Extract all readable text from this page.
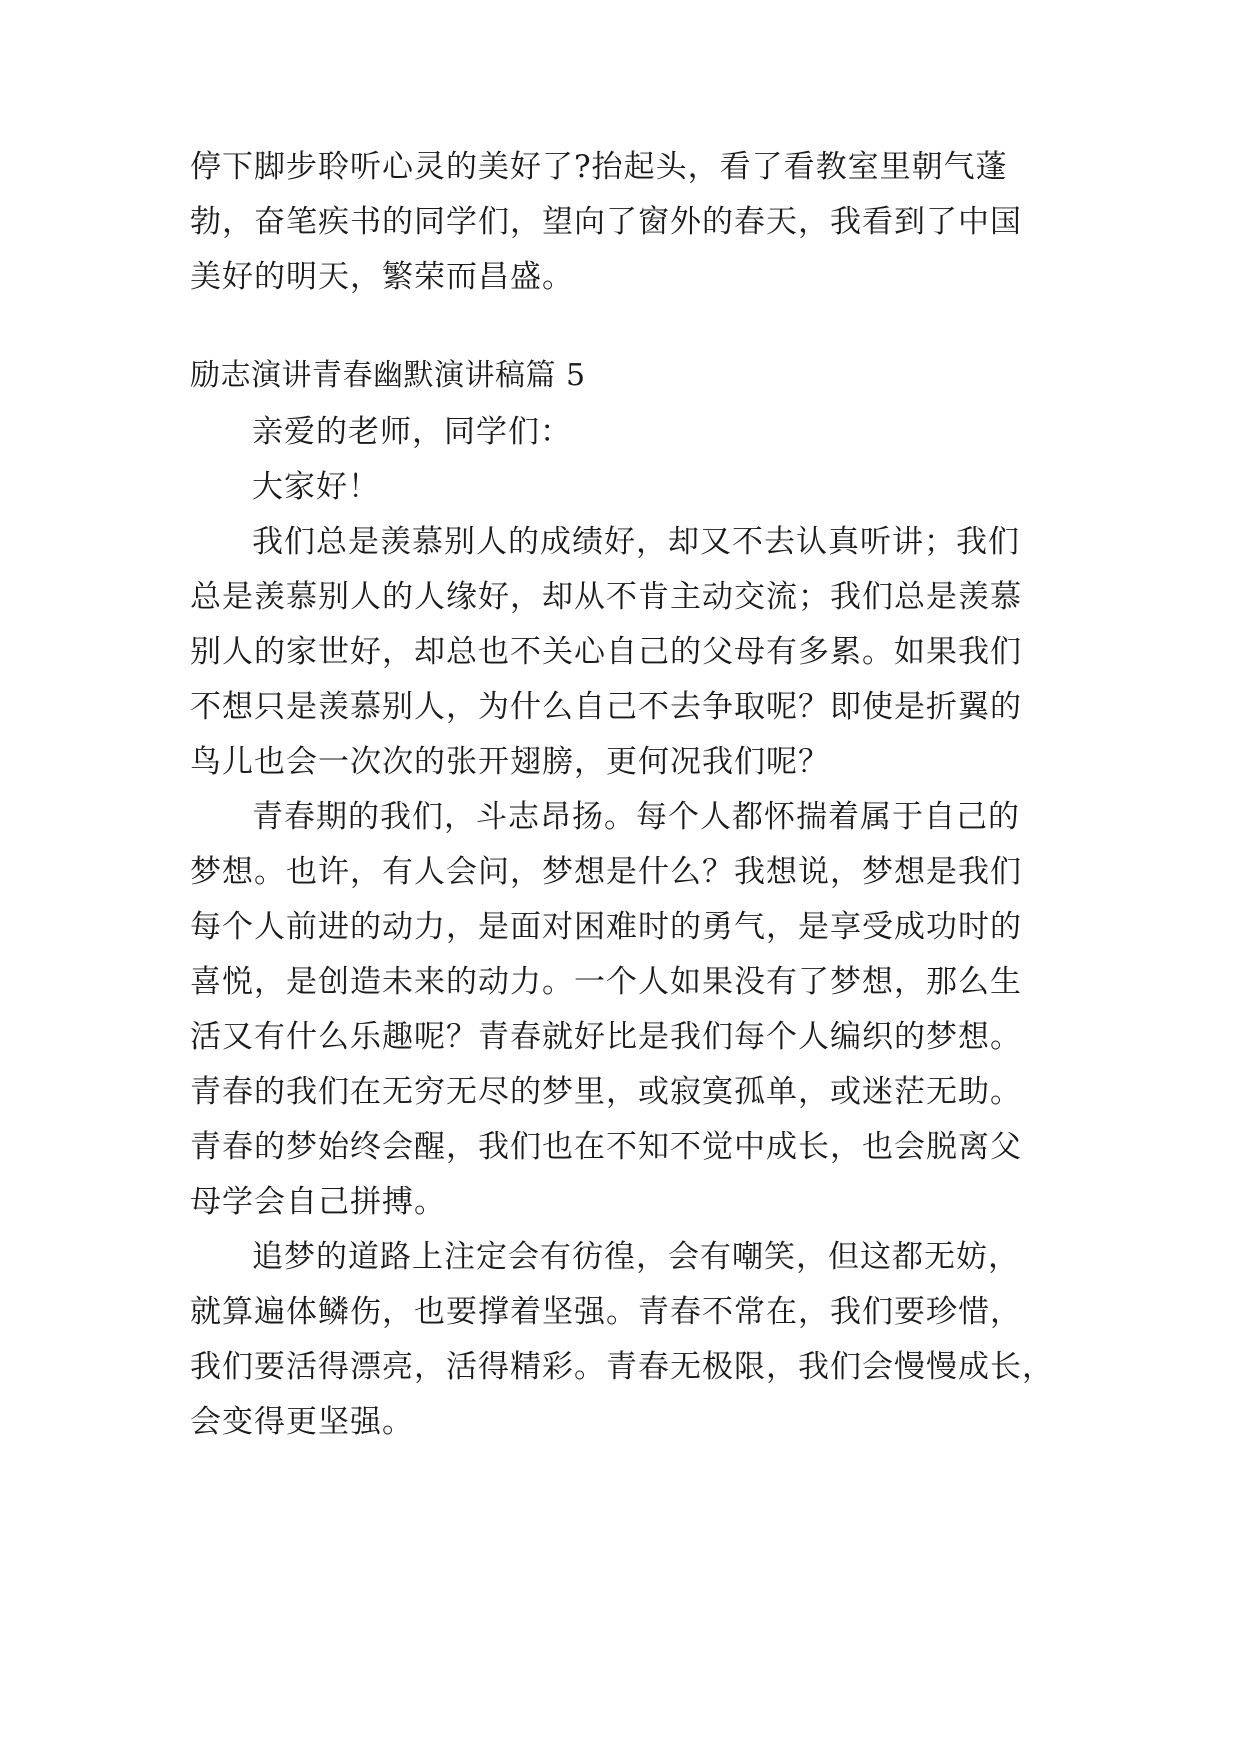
停下脚步聆听心灵的美好了?抬起头，看了看教室里朝气蓬
勃，奋笔疾书的同学们，望向了窗外的春天，我看到了中国
美好的明天，繁荣而昌盛。
励志演讲青春幽默演讲稿篇 5
亲爱的老师，同学们：
大家好！
我们总是羡慕别人的成绩好，却又不去认真听讲；我们
总是羡慕别人的人缘好，却从不肯主动交流；我们总是羡慕
别人的家世好，却总也不关心自己的父母有多累。如果我们
不想只是羡慕别人，为什么自己不去争取呢？即使是折翼的
鸟儿也会一次次的张开翅膀，更何况我们呢？
青春期的我们，斗志昂扬。每个人都怀揣着属于自己的
梦想。也许，有人会问，梦想是什么？我想说，梦想是我们
每个人前进的动力，是面对困难时的勇气，是享受成功时的
喜悦，是创造未来的动力。一个人如果没有了梦想，那么生
活又有什么乐趣呢？青春就好比是我们每个人编织的梦想。
青春的我们在无穷无尽的梦里，或寂寞孤单，或迷茫无助。
青春的梦始终会醒，我们也在不知不觉中成长，也会脱离父
母学会自己拼搏。
追梦的道路上注定会有彷徨，会有嘲笑，但这都无妨，
就算遍体鳞伤，也要撑着坚强。青春不常在，我们要珍惜，
我们要活得漂亮，活得精彩。青春无极限，我们会慢慢成长，
会变得更坚强。
